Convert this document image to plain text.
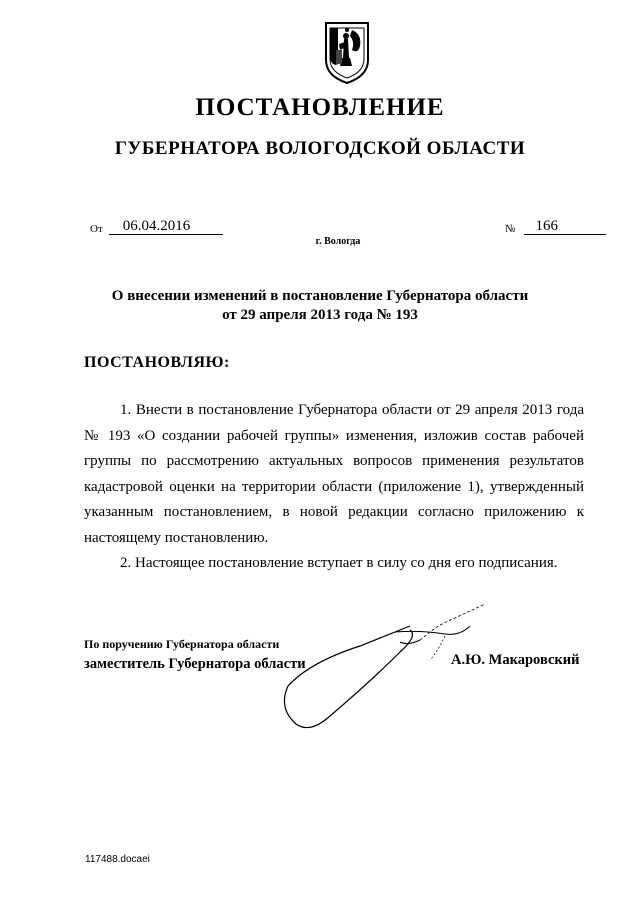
ПОСТАНОВЛЕНИЕ
ГУБЕРНАТОРА ВОЛОГОДСКОЙ ОБЛАСТИ
От	06.04.2016	№	166
г. Вологда
О внесении изменений в постановление Губернатора области
от 29 апреля 2013 года № 193
ПОСТАНОВЛЯЮ:

1. Внести в постановление Губернатора области от 29 апреля 2013 года № 193 «О создании рабочей группы» изменения, изложив состав рабочей группы по рассмотрению актуальных вопросов применения результатов кадастровой оценки на территории области (приложение 1), утвержденный указанным постановлением, в новой редакции согласно приложению к настоящему постановлению.

2. Настоящее постановление вступает в силу со дня его подписания.

По поручению Губернатора области
заместитель Губернатора области	А.Ю. Макаровский
117488.docaei
